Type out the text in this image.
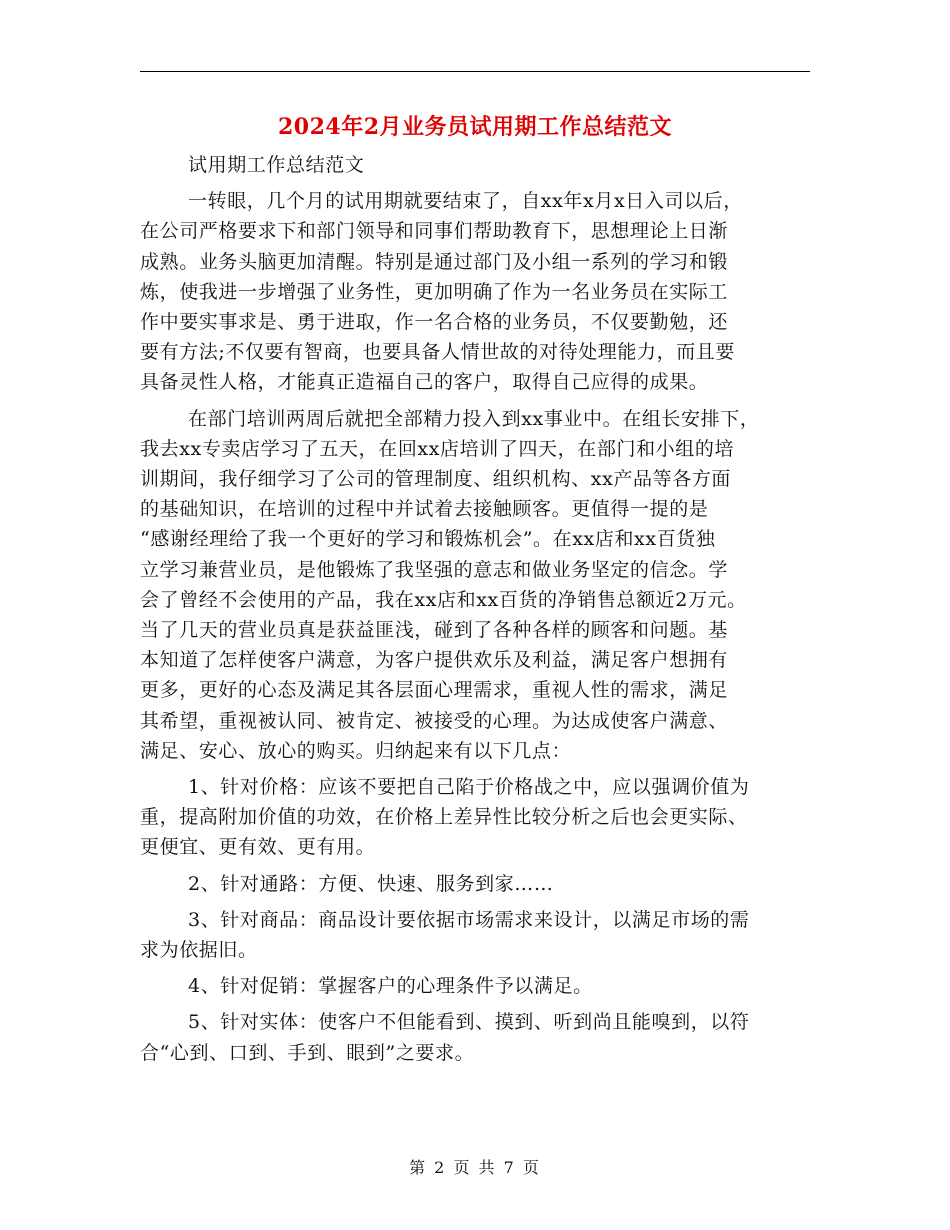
2024年2月业务员试用期工作总结范文
试用期工作总结范文
一转眼，几个月的试用期就要结束了，自xx年x月x日入司以后，
在公司严格要求下和部门领导和同事们帮助教育下，思想理论上日渐
成熟。业务头脑更加清醒。特别是通过部门及小组一系列的学习和锻
炼，使我进一步增强了业务性，更加明确了作为一名业务员在实际工
作中要实事求是、勇于进取，作一名合格的业务员，不仅要勤勉，还
要有方法;不仅要有智商，也要具备人情世故的对待处理能力，而且要
具备灵性人格，才能真正造福自己的客户，取得自己应得的成果。
在部门培训两周后就把全部精力投入到xx事业中。在组长安排下，
我去xx专卖店学习了五天，在回xx店培训了四天，在部门和小组的培
训期间，我仔细学习了公司的管理制度、组织机构、xx产品等各方面
的基础知识，在培训的过程中并试着去接触顾客。更值得一提的是
“感谢经理给了我一个更好的学习和锻炼机会”。在xx店和xx百货独
立学习兼营业员，是他锻炼了我坚强的意志和做业务坚定的信念。学
会了曾经不会使用的产品，我在xx店和xx百货的净销售总额近2万元。
当了几天的营业员真是获益匪浅，碰到了各种各样的顾客和问题。基
本知道了怎样使客户满意，为客户提供欢乐及利益，满足客户想拥有
更多，更好的心态及满足其各层面心理需求，重视人性的需求，满足
其希望，重视被认同、被肯定、被接受的心理。为达成使客户满意、
满足、安心、放心的购买。归纳起来有以下几点：
1、针对价格：应该不要把自己陷于价格战之中，应以强调价值为
重，提高附加价值的功效，在价格上差异性比较分析之后也会更实际、
更便宜、更有效、更有用。
2、针对通路：方便、快速、服务到家……
3、针对商品：商品设计要依据市场需求来设计，以满足市场的需
求为依据旧。
4、针对促销：掌握客户的心理条件予以满足。
5、针对实体：使客户不但能看到、摸到、听到尚且能嗅到，以符
合“心到、口到、手到、眼到”之要求。
第 2 页 共 7 页
